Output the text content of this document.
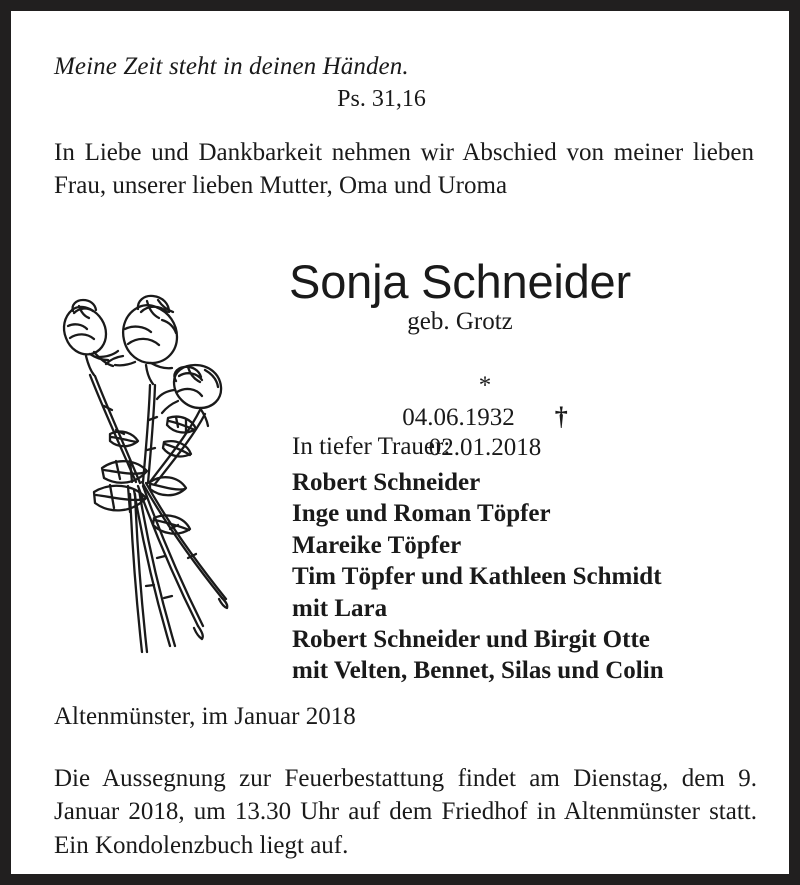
Meine Zeit steht in deinen Händen.
Ps. 31,16
In Liebe und Dankbarkeit nehmen wir Abschied von meiner lieben Frau, unserer lieben Mutter, Oma und Uroma
Sonja Schneider
geb. Grotz

*
04.06.1932 †
02.01.2018

In tiefer Trauer:
Robert Schneider
Inge und Roman Töpfer
Mareike Töpfer
Tim Töpfer und Kathleen Schmidt
mit Lara
Robert Schneider und Birgit Otte
mit Velten, Bennet, Silas und Colin
Altenmünster, im Januar 2018
Die Aussegnung zur Feuerbestattung findet am Dienstag, dem 9. Januar 2018, um 13.30 Uhr auf dem Friedhof in Altenmünster statt. Ein Kondolenzbuch liegt auf.
